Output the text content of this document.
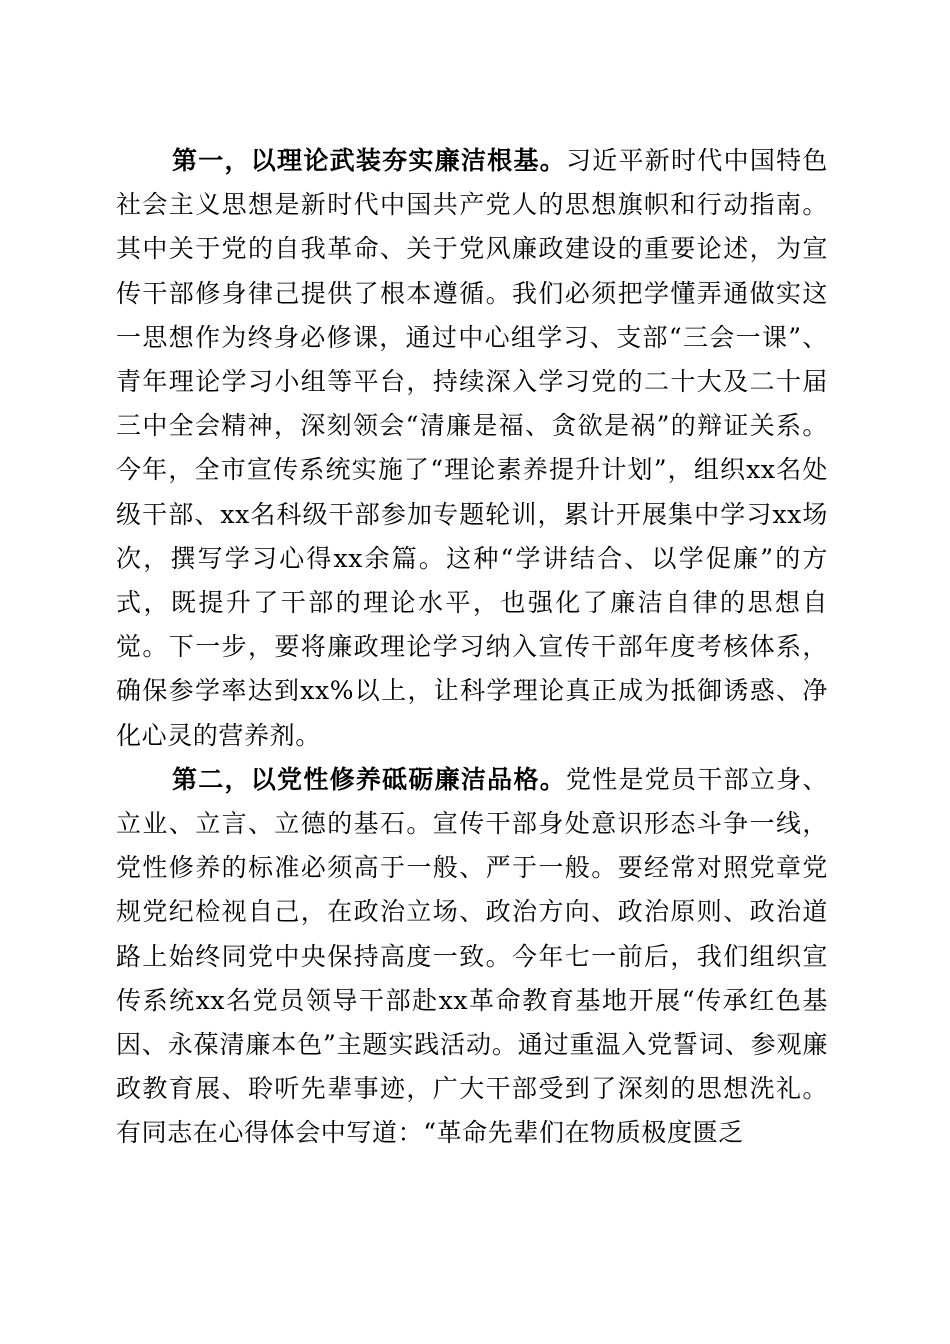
第一，以理论武装夯实廉洁根基。习近平新时代中国特色社会主义思想是新时代中国共产党人的思想旗帜和行动指南。其中关于党的自我革命、关于党风廉政建设的重要论述，为宣传干部修身律己提供了根本遵循。我们必须把学懂弄通做实这一思想作为终身必修课，通过中心组学习、支部“三会一课”、青年理论学习小组等平台，持续深入学习党的二十大及二十届三中全会精神，深刻领会“清廉是福、贪欲是祸”的辩证关系。今年，全市宣传系统实施了“理论素养提升计划”，组织xx名处级干部、xx名科级干部参加专题轮训，累计开展集中学习xx场次，撰写学习心得xx余篇。这种“学讲结合、以学促廉”的方式，既提升了干部的理论水平，也强化了廉洁自律的思想自觉。下一步，要将廉政理论学习纳入宣传干部年度考核体系，确保参学率达到xx%以上，让科学理论真正成为抵御诱惑、净化心灵的营养剂。

第二，以党性修养砥砺廉洁品格。党性是党员干部立身、立业、立言、立德的基石。宣传干部身处意识形态斗争一线，党性修养的标准必须高于一般、严于一般。要经常对照党章党规党纪检视自己，在政治立场、政治方向、政治原则、政治道路上始终同党中央保持高度一致。今年七一前后，我们组织宣传系统xx名党员领导干部赴xx革命教育基地开展“传承红色基因、永葆清廉本色”主题实践活动。通过重温入党誓词、参观廉政教育展、聆听先辈事迹，广大干部受到了深刻的思想洗礼。有同志在心得体会中写道：“革命先辈们在物质极度匮乏
